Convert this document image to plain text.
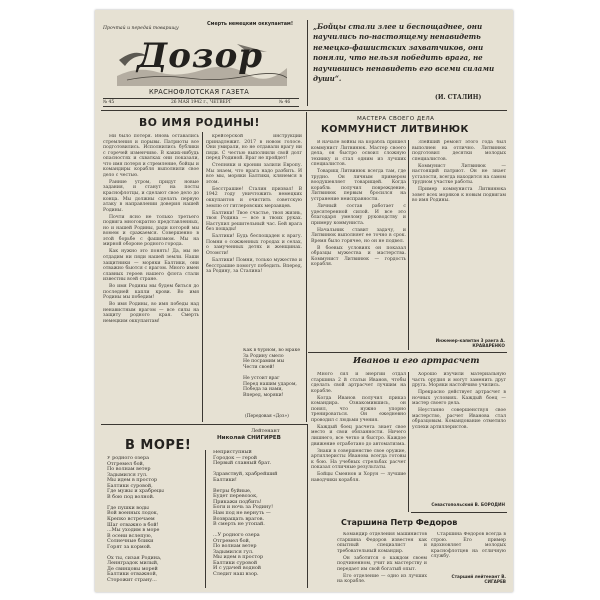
Смерть немецким оккупантам!
Прочтай и передай товарищу
Дозор
КРАСНОФЛОТСКАЯ ГАЗЕТА
№ 45	26 МАЯ 1942 г., ЧЕТВЕРГ	№ 46
„Бойцы стали злее и беспощаднее, они научились по-настоящему ненавидеть немецко-фашистских захватчиков, они поняли, что нельзя победить врага, не научившись ненавидеть его всеми силами души“.
(И. СТАЛИН)
ВО ИМЯ РОДИНЫ!

Ни было потеря. Вновь оставались стремления и порывы. Патриоты все подготовились. Исполнились бублики с горечей изменчиво. В каких-нибудь опасностях и схватках они показали, что имя потеря и стремление, бойцы и командиры корабля выполнили свое дело с честью.

Ранние утром, придут новые задания, и станут на посты краснофлотцы, и сделают свое дело до конца. Мы должны сделать первую атаку в направлении доверия нашей Родины.

Почти ясно не только третьего подвига многократно представленных, но и нашей Родины, ради которой мы воюем и сражаемся. Совершенно в этой борьбе с фашизмом. Мы на мирной обороне родного города.

Как нужно это понять! Да, мы не отдадим ни пяди нашей земли. Наши защитники — моряки Балтики, они отважно бьются с врагом. Много имен славных героев нашего флота стали известны всей стране.

Во имя Родины мы будем биться до последней капли крови. Во имя Родины мы победим!

Во имя Родины, во имя победы над ненавистным врагом — все силы на защиту родного края. Смерть немецким оккупантам!

крейсерской инструкции принадлежит. 2017 в новом голосе. Они умирали, но не отдавали врагу ни пяди. С честью выполнили свой долг перед Родиной. Враг не пройдет!

Степняки и кронии залили Европу. Мы знаем, что врага надо разбить. И все мы, моряки Балтики, клянемся в этом.

Бесстрашие! Сталин призвал! В 1942 году уничтожить немецких оккупантов и очистить советскую землю от гитлеровских мерзавцев.

Балтики! Твое счастье, твоя жизнь, твоя Родина — все в твоих руках. Наступил решительный час. Бей врага без пощады!

Балтики! Будь беспощаден к врагу. Помни о сожженных городах и селах, о замученных детях и женщинах. Отомсти!

Балтики! Помни, только мужество и бесстрашие помогут победить. Вперед, за Родину, за Сталина!

Как в бурном, во мраке
За Родину смело
Не посрамим мы
Чести своей!

Не устоит враг
Перед нашим ударом,
Победа за нами,
Вперед, моряки!
(Передовая «Доз»)
МАСТЕРА СВОЕГО ДЕЛА
КОММУНИСТ ЛИТВИНЮК

В начале войны на корабль пришел коммунист Литвинюк. Мастер своего дела, он быстро освоил сложную технику и стал одним из лучших специалистов.

Товарищ Литвинюк всегда там, где трудно. Он личным примером воодушевляет товарищей. Когда корабль получил повреждение, Литвинюк первым бросился на устранение неисправности.

Личный состав работает с удесятеренной силой. И все это благодаря умелому руководству и примеру коммуниста.

Начальник ставит задачу, и Литвинюк выполняет ее точно в срок. Время было горячее, но он не подвел.

В боевых условиях он показал образцы мужества и мастерства. Коммунист Литвинюк — гордость корабля.

Злейший ремонт этого года был выполнен на отлично. Литвинюк подготовил десятки молодых специалистов.

Коммунист Литвинюк — настоящий патриот. Он не знает усталости, всегда находится на самом трудном участке работы.

Пример коммуниста Литвинюка зовет всех моряков к новым подвигам во имя Родины.

Инженер-капитан 3 ранга А. КРАВАРЕНКО
Иванов и его артрасчет

Много сил и энергии отдал старшина 2 й статьи Иванов, чтобы сделать свой артрасчет лучшим на корабле.

Когда Иванов получил приказ командира. Ознакомившись, он понял, что нужно упорно тренироваться. Он ежедневно проводил с людьми учения.

Каждый боец расчета знает свое место и свои обязанности. Ничего лишнего, все четко и быстро. Каждое движение отработано до автоматизма.

Знаки в совершенстве свое оружие, артиллеристы Иванова всегда готовы к бою. На учебных стрельбах расчет показал отличные результаты.

Бойцы Смеянов и Хорун — лучшие наводчики корабля.

Хорошо изучили материальную часть орудия и могут заменить друг друга. Моряки настойчиво учились.

Прекрасно действует артрасчет в ночных условиях. Каждый боец — мастер своего дела.

Неустанно совершенствуя свое мастерство, расчет Иванова стал образцовым. Командование отметило успехи артиллеристов.

Севастопольский В. БОРОДИН
Старшина Петр Федоров

Командир отделения машинистов старшина Федоров известен как опытный специалист и требовательный командир.

Он заботится о каждом своем подчиненном, учит их мастерству и передает им свой богатый опыт.

Его отделение — одно из лучших на корабле.

Старшина Федоров всегда в строю. Его пример вдохновляет молодых краснофлотцев на отличную службу.

Старший лейтенант В. СИГАРЕВ
В МОРЕ!
Лейтенант
Николай СНИГИРЕВ
У родного озера
Отгремел бой,
По волнам ветер
Задымился гул.
Мы идем в простор
Балтики суровой,
Где мужы и храбрецы
В бою под волной.

Где пушки воды
Вой военных лодок,
Крепко встречаем
Шаг отважно в бой!
...Мы уходим в море
В осени вслепую,
Солнечные блики
Горят за кормой.

Ох ты, сизая Родина,
Леннградок милый,
Де свинцовы морей
Балтики отважной,
Сторожит страну...
Неприступный
Городок — герой
Первый славный брат.

Здравствуй, храбрейший
Балтики!

Ветры буйные,
Будет перевозок,
Прикажи подбить!
Боги и ночь за Родину!
Нам под не вернуть —
Возвращать врагов.
В смерть не утопай.

...У родного озера
Отгремел бой,
По волнам ветер
Задымился гул.
Мы идем в простор
Балтики суровой
И с удачей водной
Следит наш взор.
